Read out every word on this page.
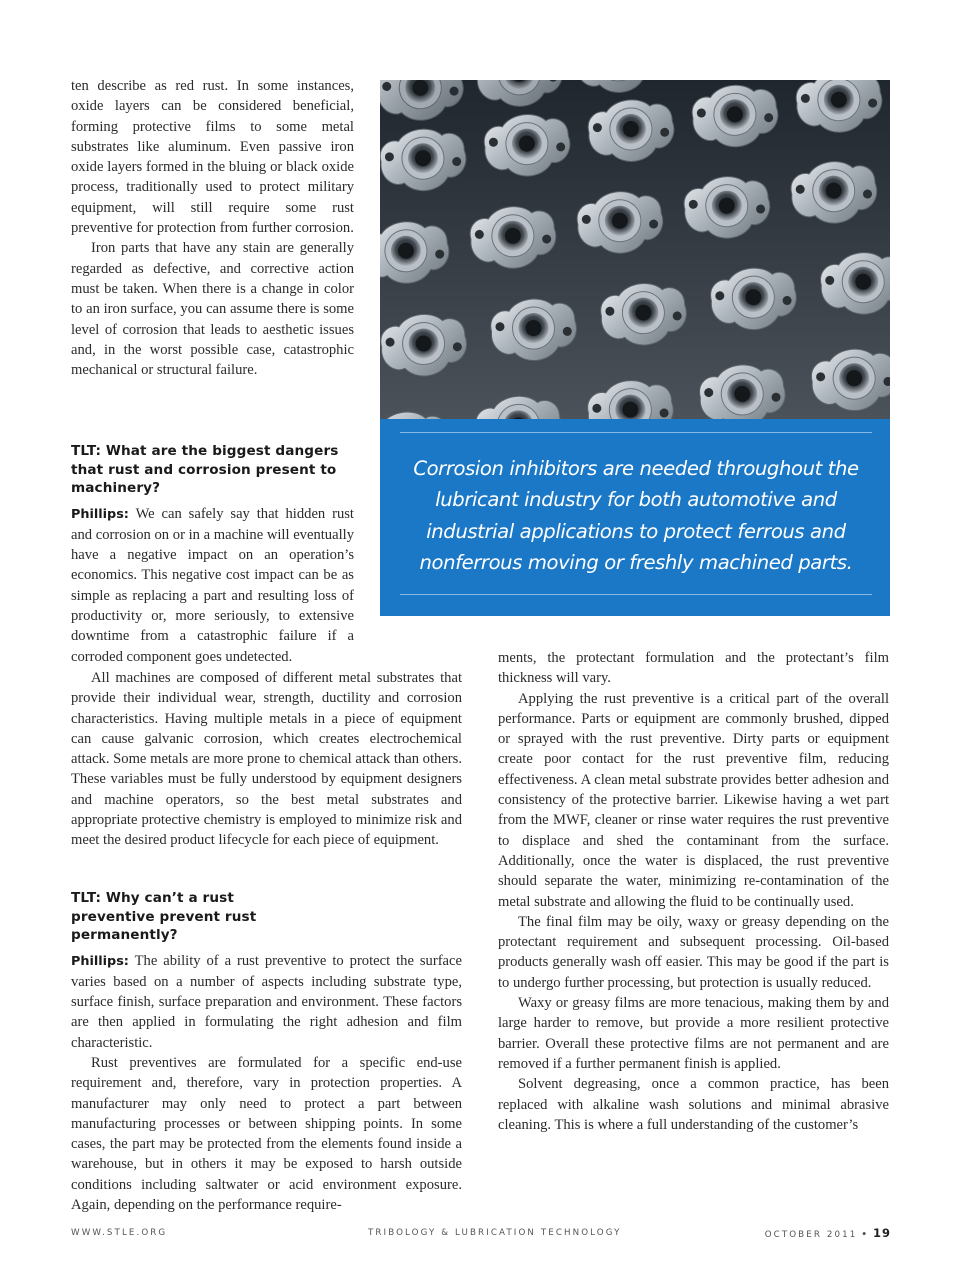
ten describe as red rust. In some instances, oxide layers can be considered beneficial, forming protective films to some metal substrates like aluminum. Even passive iron oxide layers formed in the bluing or black oxide process, traditionally used to protect military equipment, will still require some rust preventive for protection from further corrosion.

Iron parts that have any stain are generally regarded as defective, and corrective action must be taken. When there is a change in color to an iron surface, you can assume there is some level of corrosion that leads to aesthetic issues and, in the worst possible case, catastrophic mechanical or structural failure.

Corrosion inhibitors are needed throughout the lubricant industry for both automotive and industrial applications to protect ferrous and nonferrous moving or freshly machined parts.
TLT: What are the biggest dangers that rust and corrosion present to machinery?

Phillips: We can safely say that hidden rust and corrosion on or in a machine will eventually have a negative impact on an operation’s economics. This negative cost impact can be as simple as replacing a part and resulting loss of productivity or, more seriously, to extensive downtime from a catastrophic failure if a corroded component goes undetected.

All machines are composed of different metal substrates that provide their individual wear, strength, ductility and corrosion characteristics. Having multiple metals in a piece of equipment can cause galvanic corrosion, which creates electrochemical attack. Some metals are more prone to chemical attack than others. These variables must be fully understood by equipment designers and machine operators, so the best metal substrates and appropriate protective chemistry is employed to minimize risk and meet the desired product lifecycle for each piece of equipment.

TLT: Why can’t a rust preventive prevent rust permanently?

Phillips: The ability of a rust preventive to protect the surface varies based on a number of aspects including substrate type, surface finish, surface preparation and environment. These factors are then applied in formulating the right adhesion and film characteristic.

Rust preventives are formulated for a specific end-use requirement and, therefore, vary in protection properties. A manufacturer may only need to protect a part between manufacturing processes or between shipping points. In some cases, the part may be protected from the elements found inside a warehouse, but in others it may be exposed to harsh outside conditions including saltwater or acid environment exposure. Again, depending on the performance require-

ments, the protectant formulation and the protectant’s film thickness will vary.

Applying the rust preventive is a critical part of the overall performance. Parts or equipment are commonly brushed, dipped or sprayed with the rust preventive. Dirty parts or equipment create poor contact for the rust preventive film, reducing effectiveness. A clean metal substrate provides better adhesion and consistency of the protective barrier. Likewise having a wet part from the MWF, cleaner or rinse water requires the rust preventive to displace and shed the contaminant from the surface. Additionally, once the water is displaced, the rust preventive should separate the water, minimizing re-contamination of the metal substrate and allowing the fluid to be continually used.

The final film may be oily, waxy or greasy depending on the protectant requirement and subsequent processing. Oil-based products generally wash off easier. This may be good if the part is to undergo further processing, but protection is usually reduced.

Waxy or greasy films are more tenacious, making them by and large harder to remove, but provide a more resilient protective barrier. Overall these protective films are not permanent and are removed if a further permanent finish is applied.

Solvent degreasing, once a common practice, has been replaced with alkaline wash solutions and minimal abrasive cleaning. This is where a full understanding of the customer’s

WWW.STLE.ORG	TRIBOLOGY & LUBRICATION TECHNOLOGY	OCTOBER 2011 • 19
